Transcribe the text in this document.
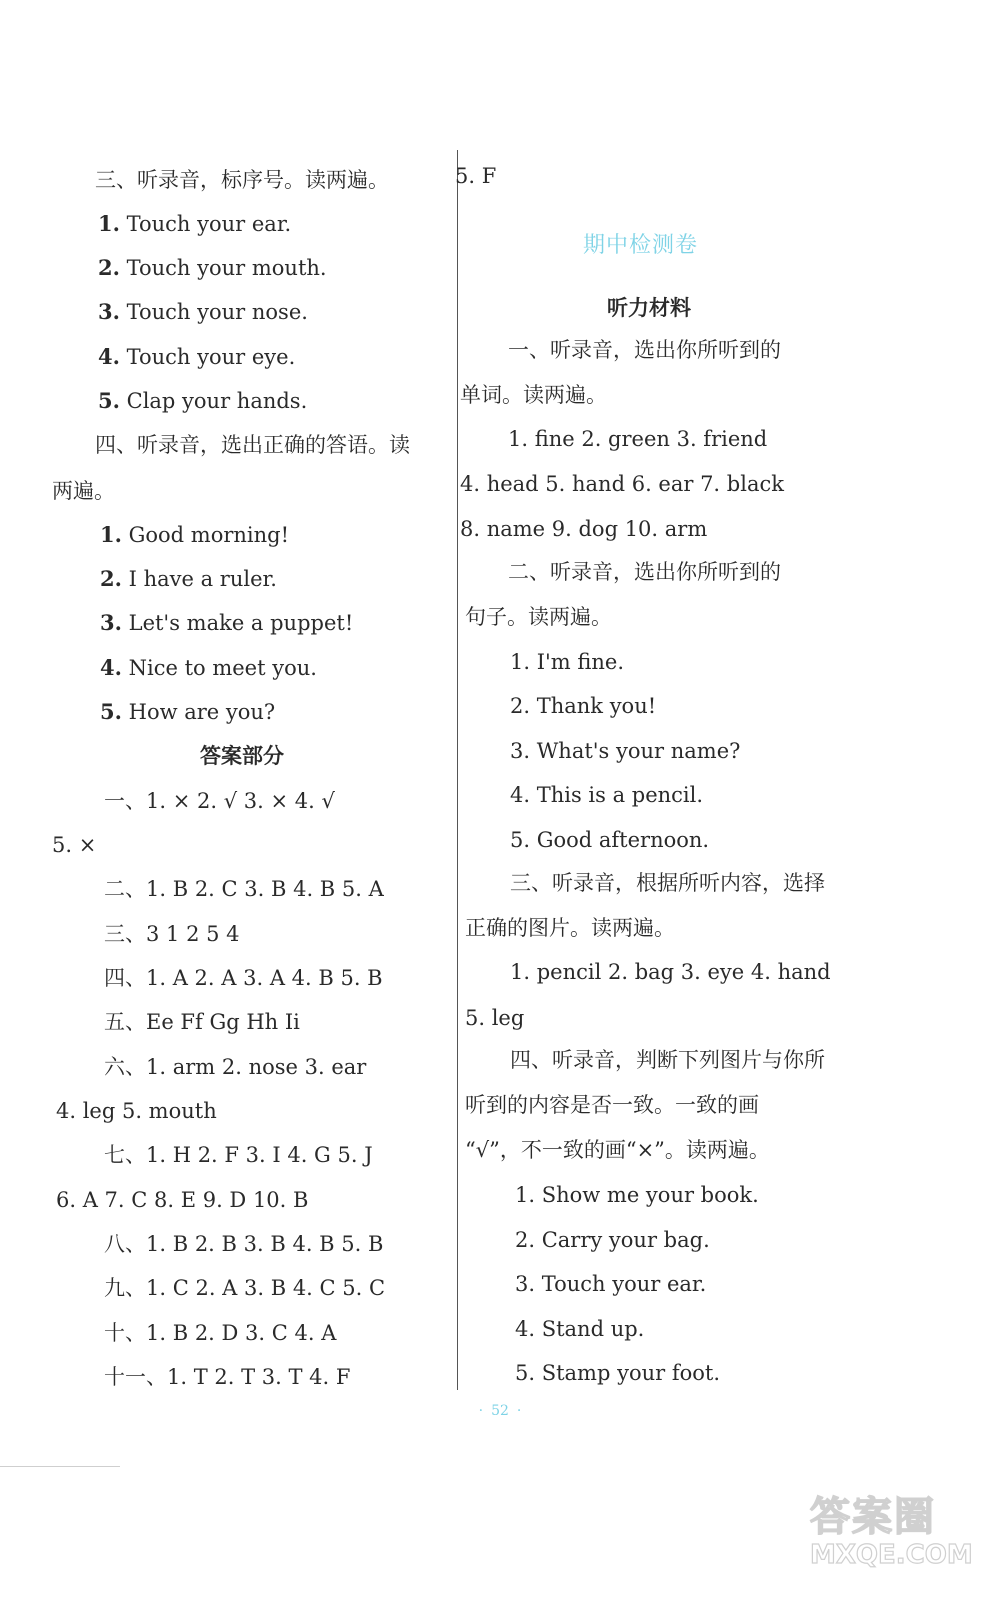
三、听录音，标序号。读两遍。
1. Touch your ear.
2. Touch your mouth.
3. Touch your nose.
4. Touch your eye.
5. Clap your hands.
四、听录音，选出正确的答语。读
两遍。
1. Good morning!
2. I have a ruler.
3. Let's make a puppet!
4. Nice to meet you.
5. How are you?
答案部分
一、1. × 2. √ 3. × 4. √
5. ×
二、1. B 2. C 3. B 4. B 5. A
三、3 1 2 5 4
四、1. A 2. A 3. A 4. B 5. B
五、Ee Ff Gg Hh Ii
六、1. arm 2. nose 3. ear
4. leg 5. mouth
七、1. H 2. F 3. I 4. G 5. J
6. A 7. C 8. E 9. D 10. B
八、1. B 2. B 3. B 4. B 5. B
九、1. C 2. A 3. B 4. C 5. C
十、1. B 2. D 3. C 4. A
十一、1. T 2. T 3. T 4. F
5. F
期中检测卷
听力材料
一、听录音，选出你所听到的
单词。读两遍。
1. fine 2. green 3. friend
4. head 5. hand 6. ear 7. black
8. name 9. dog 10. arm
二、听录音，选出你所听到的
句子。读两遍。
1. I'm fine.
2. Thank you!
3. What's your name?
4. This is a pencil.
5. Good afternoon.
三、听录音，根据所听内容，选择
正确的图片。读两遍。
1. pencil 2. bag 3. eye 4. hand
5. leg
四、听录音，判断下列图片与你所
听到的内容是否一致。一致的画
“√”，不一致的画“×”。读两遍。
1. Show me your book.
2. Carry your bag.
3. Touch your ear.
4. Stand up.
5. Stamp your foot.
· 52 ·
答案圈
MXQE.COM
